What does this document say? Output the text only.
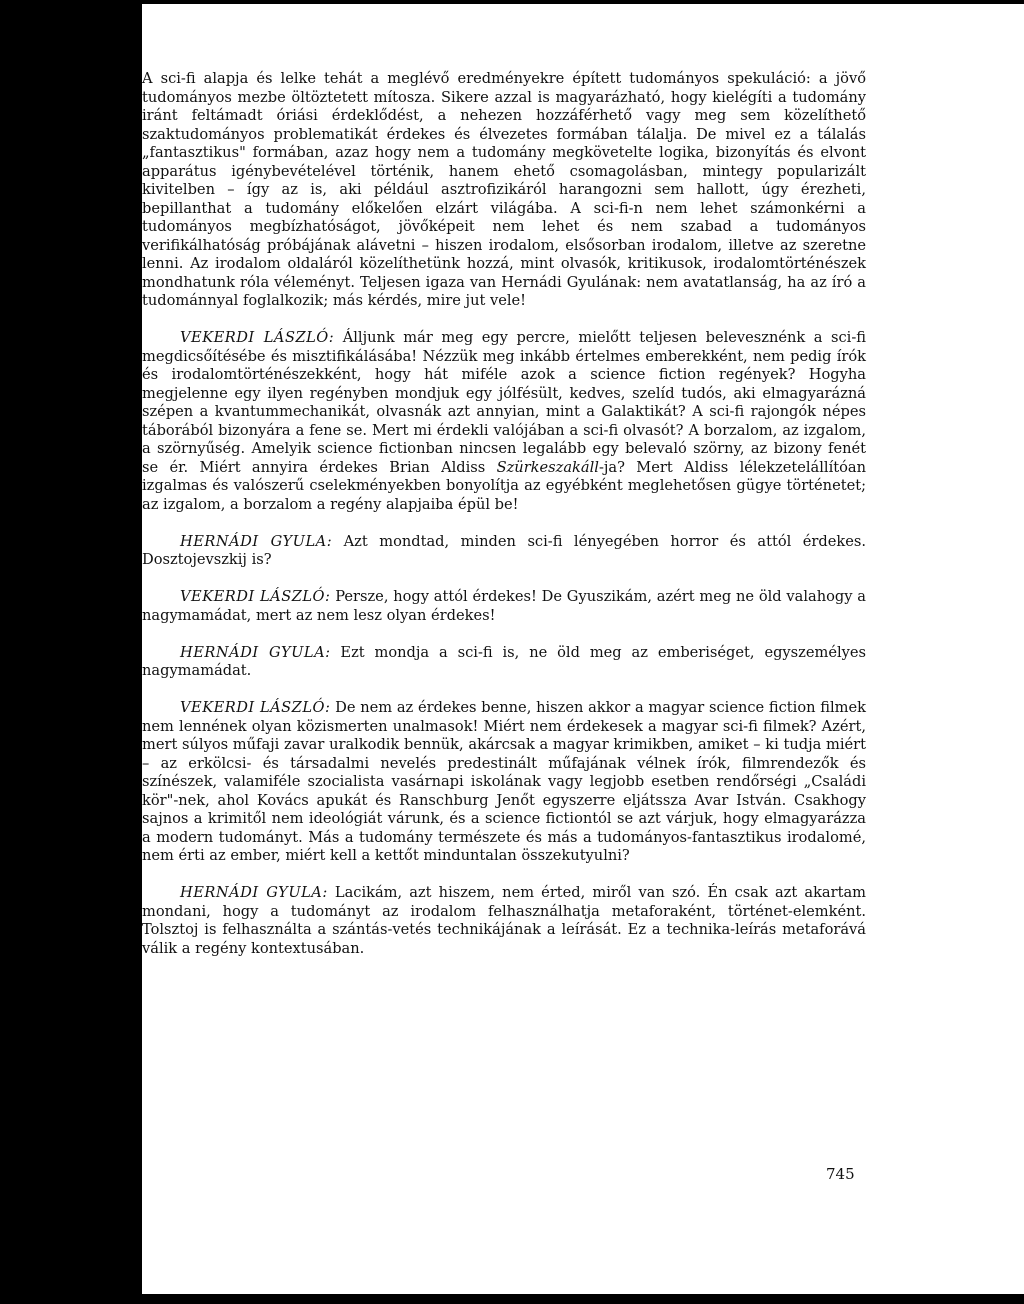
A sci-fi alapja és lelke tehát a meglévő eredményekre épített tudományos spekuláció: a jövő tudományos mezbe öltöztetett mítosza. Sikere azzal is magyarázható, hogy kielégíti a tudomány iránt feltámadt óriási érdeklődést, a nehezen hozzáférhető vagy meg sem közelíthető szaktudományos problematikát érdekes és élvezetes formában tálalja. De mivel ez a tálalás „fantasztikus" formában, azaz hogy nem a tudomány megkövetelte logika, bizonyítás és elvont apparátus igénybevételével történik, hanem ehető csomagolásban, mintegy popularizált kivitelben – így az is, aki például asztrofizikáról harangozni sem hallott, úgy érezheti, bepillanthat a tudomány előkelően elzárt világába. A sci-fi-n nem lehet számonkérni a tudományos megbízhatóságot, jövőképeit nem lehet és nem szabad a tudományos verifikálhatóság próbájának alávetni – hiszen irodalom, elsősorban irodalom, illetve az szeretne lenni. Az irodalom oldaláról közelíthetünk hozzá, mint olvasók, kritikusok, irodalomtörténészek mondhatunk róla véleményt. Teljesen igaza van Hernádi Gyulának: nem avatatlanság, ha az író a tudománnyal foglalkozik; más kérdés, mire jut vele!

VEKERDI LÁSZLÓ: Álljunk már meg egy percre, mielőtt teljesen belevesznénk a sci-fi megdicsőítésébe és misztifikálásába! Nézzük meg inkább értelmes emberekként, nem pedig írók és irodalomtörténészekként, hogy hát miféle azok a science fiction regények? Hogyha megjelenne egy ilyen regényben mondjuk egy jólfésült, kedves, szelíd tudós, aki elmagyarázná szépen a kvantummechanikát, olvasnák azt annyian, mint a Galaktikát? A sci-fi rajongók népes táborából bizonyára a fene se. Mert mi érdekli valójában a sci-fi olvasót? A borzalom, az izgalom, a szörnyűség. Amelyik science fictionban nincsen legalább egy belevaló szörny, az bizony fenét se ér. Miért annyira érdekes Brian Aldiss Szürkeszakáll-ja? Mert Aldiss lélekzetelállítóan izgalmas és valószerű cselekményekben bonyolítja az egyébként meglehetősen gügye történetet; az izgalom, a borzalom a regény alapjaiba épül be!

HERNÁDI GYULA: Azt mondtad, minden sci-fi lényegében horror és attól érdekes. Dosztojevszkij is?

VEKERDI LÁSZLÓ: Persze, hogy attól érdekes! De Gyuszikám, azért meg ne öld valahogy a nagymamádat, mert az nem lesz olyan érdekes!

HERNÁDI GYULA: Ezt mondja a sci-fi is, ne öld meg az emberiséget, egyszemélyes nagymamádat.

VEKERDI LÁSZLÓ: De nem az érdekes benne, hiszen akkor a magyar science fiction filmek nem lennének olyan közismerten unalmasok! Miért nem érdekesek a magyar sci-fi filmek? Azért, mert súlyos műfaji zavar uralkodik bennük, akárcsak a magyar krimikben, amiket – ki tudja miért – az erkölcsi- és társadalmi nevelés predestinált műfajának vélnek írók, filmrendezők és színészek, valamiféle szocialista vasárnapi iskolának vagy legjobb esetben rendőrségi „Családi kör"-nek, ahol Kovács apukát és Ranschburg Jenőt egyszerre eljátssza Avar István. Csakhogy sajnos a krimitől nem ideológiát várunk, és a science fictiontól se azt várjuk, hogy elmagyarázza a modern tudományt. Más a tudomány természete és más a tudományos-fantasztikus irodalomé, nem érti az ember, miért kell a kettőt minduntalan összekutyulni?

HERNÁDI GYULA: Lacikám, azt hiszem, nem érted, miről van szó. Én csak azt akartam mondani, hogy a tudományt az irodalom felhasználhatja metaforaként, történet-elemként. Tolsztoj is felhasználta a szántás-vetés technikájának a leírását. Ez a technika-leírás metaforává válik a regény kontextusában.

745
